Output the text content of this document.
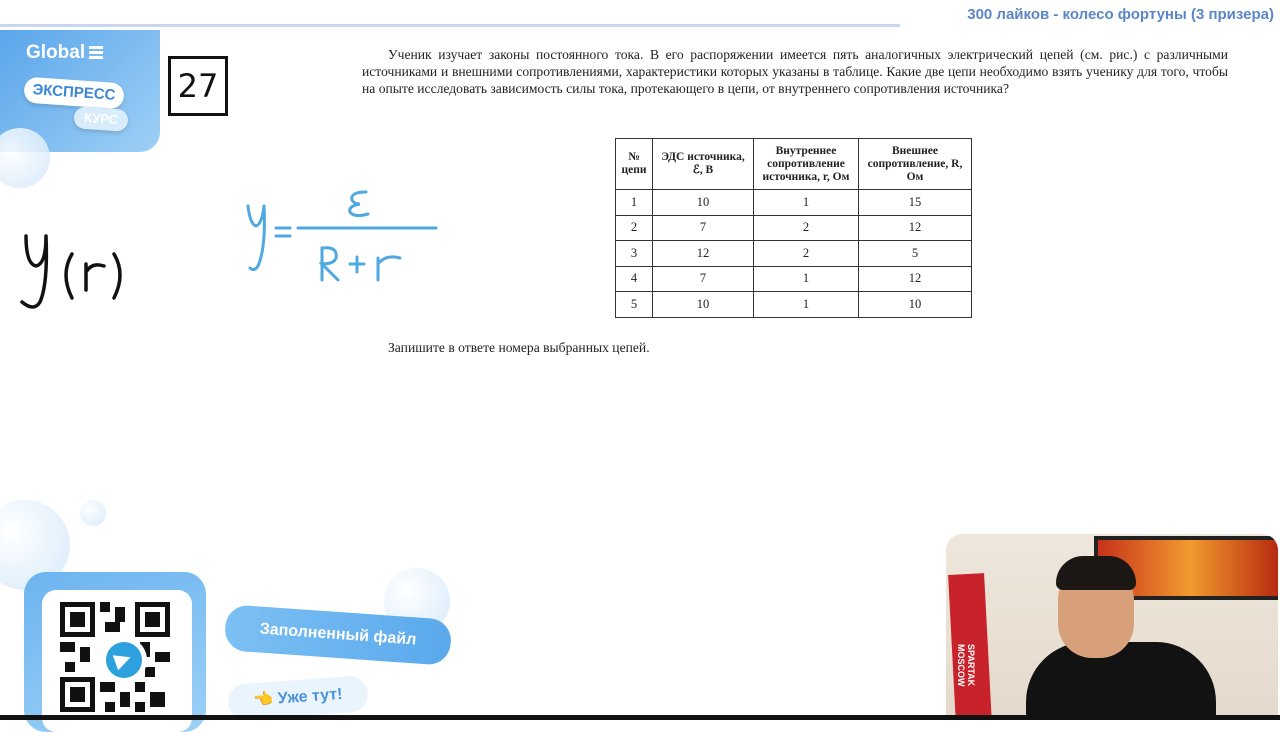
300 лайков - колесо фортуны (3 призера)
Global
ЭКСПРЕСС
КУРС
27
Ученик изучает законы постоянного тока. В его распоряжении имеется пять аналогичных электрический цепей (см. рис.) с различными источниками и внешними сопротивлениями, характеристики которых указаны в таблице. Какие две цепи необходимо взять ученику для того, чтобы на опыте исследовать зависимость силы тока, протекающего в цепи, от внутреннего сопротивления источника?
№ цепи	ЭДС источника, ℰ, В	Внутреннее сопротивление источника, r, Ом	Внешнее сопротивление, R, Ом
1	10	1	15
2	7	2	12
3	12	2	5
4	7	1	12
5	10	1	10
Запишите в ответе номера выбранных цепей.
Заполненный файл
👈 Уже тут!
SPARTAK MOSCOW
